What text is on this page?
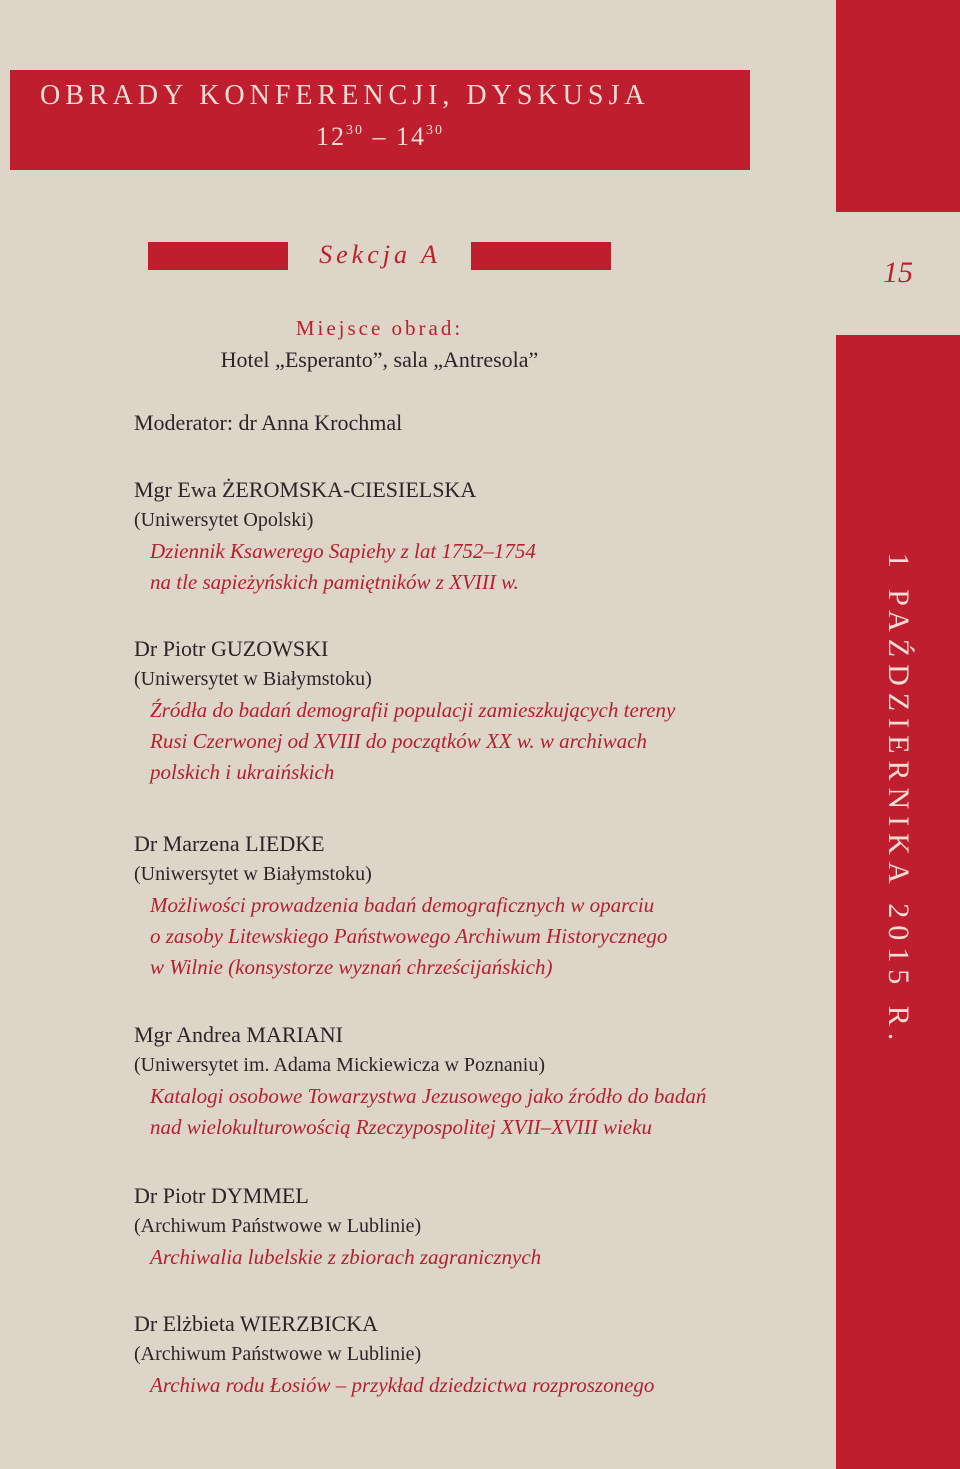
OBRADY KONFERENCJI, DYSKUSJA
$12^{30} - 14^{30}$
15
1 PAŹDZIERNIKA 2015 R.
Sekcja A
Miejsce obrad:
Hotel „Esperanto”, sala „Antresola”
Moderator: dr Anna Krochmal
Mgr Ewa ŻEROMSKA-CIESIELSKA
(Uniwersytet Opolski)
Dziennik Ksawerego Sapiehy z lat 1752–1754
na tle sapieżyńskich pamiętników z XVIII w.
Dr Piotr GUZOWSKI
(Uniwersytet w Białymstoku)
Źródła do badań demografii populacji zamieszkujących tereny
Rusi Czerwonej od XVIII do początków XX w. w archiwach
polskich i ukraińskich
Dr Marzena LIEDKE
(Uniwersytet w Białymstoku)
Możliwości prowadzenia badań demograficznych w oparciu
o zasoby Litewskiego Państwowego Archiwum Historycznego
w Wilnie (konsystorze wyznań chrześcijańskich)
Mgr Andrea MARIANI
(Uniwersytet im. Adama Mickiewicza w Poznaniu)
Katalogi osobowe Towarzystwa Jezusowego jako źródło do badań
nad wielokulturowością Rzeczypospolitej XVII–XVIII wieku
Dr Piotr DYMMEL
(Archiwum Państwowe w Lublinie)
Archiwalia lubelskie z zbiorach zagranicznych
Dr Elżbieta WIERZBICKA
(Archiwum Państwowe w Lublinie)
Archiwa rodu Łosiów – przykład dziedzictwa rozproszonego
